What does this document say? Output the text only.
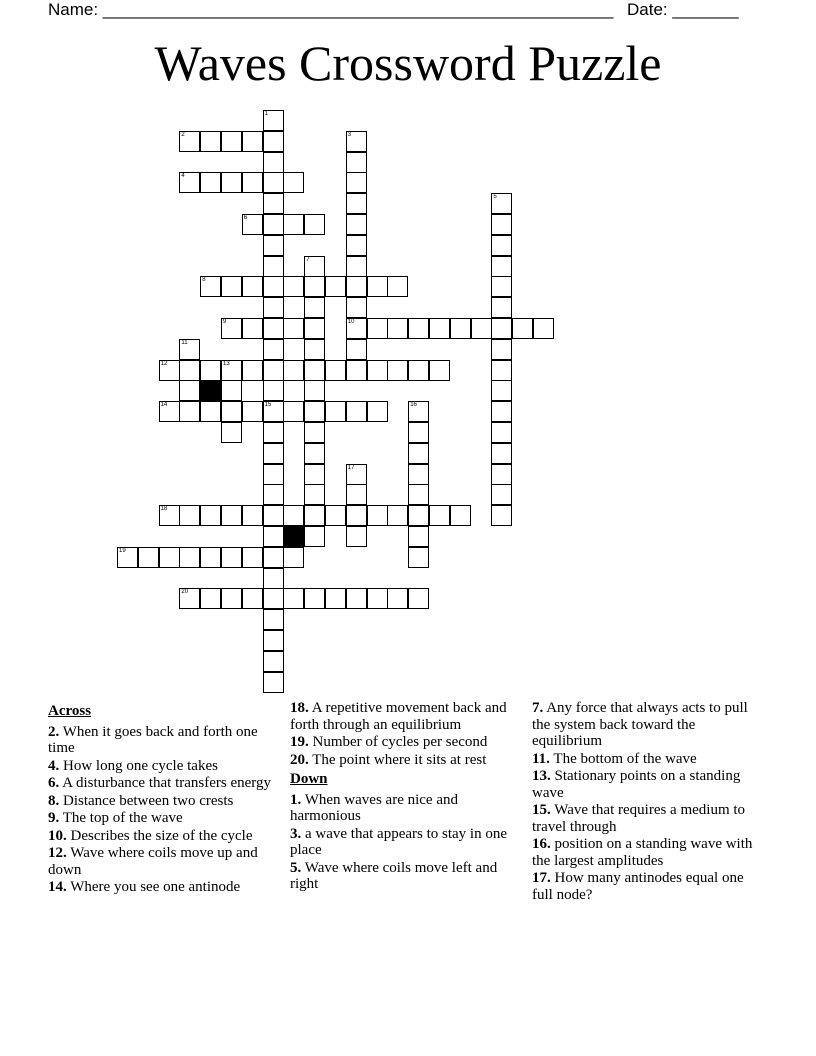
Name: ______________________________________________________ Date: _______
Waves Crossword Puzzle
2
4
6
8
9	10
12	13
14	15
18
19
20
1
3
5
7
11
16
17
Across
2. When it goes back and forth one time
4. How long one cycle takes
6. A disturbance that transfers energy
8. Distance between two crests
9. The top of the wave
10. Describes the size of the cycle
12. Wave where coils move up and down
14. Where you see one antinode
18. A repetitive movement back and forth through an equilibrium
19. Number of cycles per second
20. The point where it sits at rest
Down
1. When waves are nice and harmonious
3. a wave that appears to stay in one place
5. Wave where coils move left and right
7. Any force that always acts to pull the system back toward the equilibrium
11. The bottom of the wave
13. Stationary points on a standing wave
15. Wave that requires a medium to travel through
16. position on a standing wave with the largest amplitudes
17. How many antinodes equal one full node?
